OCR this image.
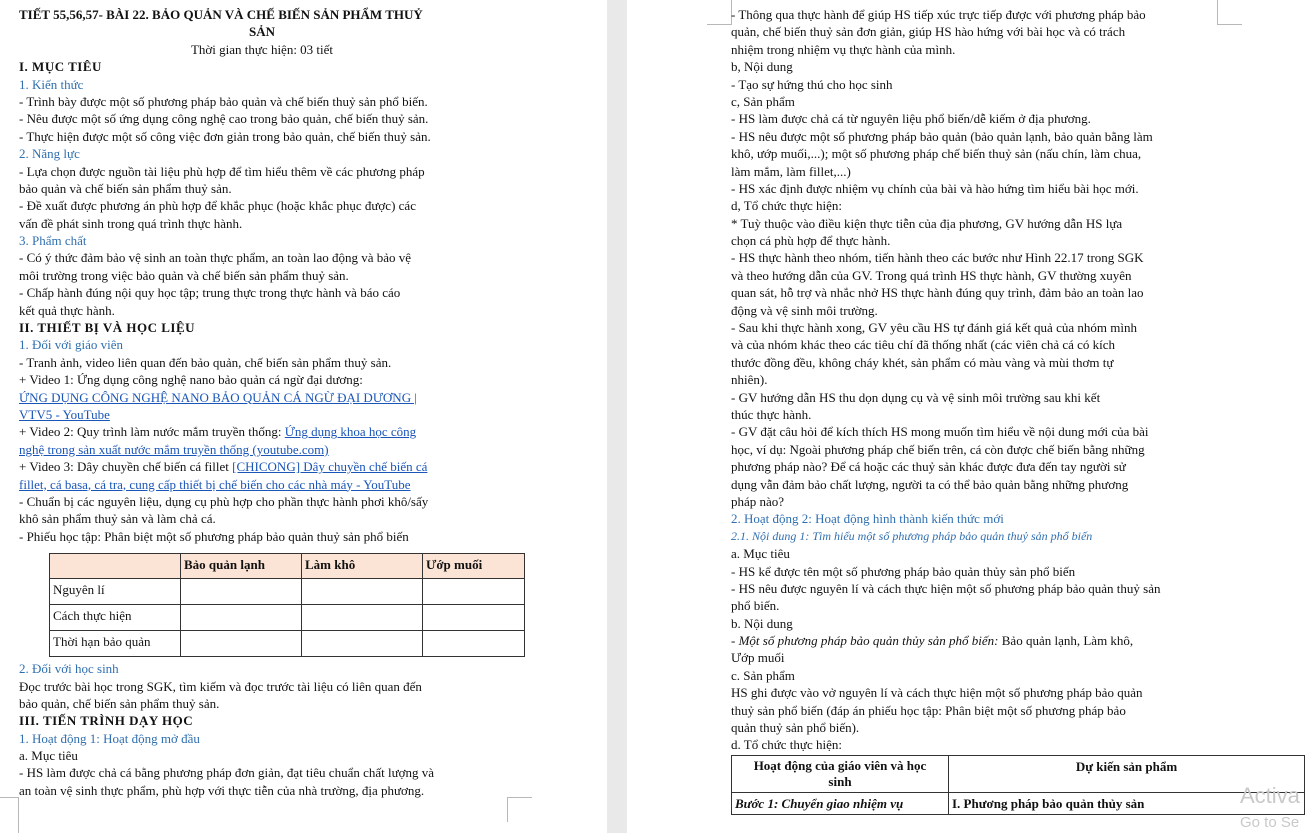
TIẾT 55,56,57- BÀI 22. BẢO QUẢN VÀ CHẾ BIẾN SẢN PHẨM THUỶ
SẢN
Thời gian thực hiện: 03 tiết
I. MỤC TIÊU
1. Kiến thức
- Trình bày được một số phương pháp bảo quản và chế biến thuỷ sản phổ biến.
- Nêu được một số ứng dụng công nghệ cao trong bảo quản, chế biến thuỷ sản.
- Thực hiện được một số công việc đơn giản trong bảo quản, chế biến thuỷ sản.
2. Năng lực
- Lựa chọn được nguồn tài liệu phù hợp để tìm hiểu thêm về các phương pháp
bảo quản và chế biến sản phẩm thuỷ sản.
- Đề xuất được phương án phù hợp để khắc phục (hoặc khắc phục được) các
vấn đề phát sinh trong quá trình thực hành.
3. Phẩm chất
- Có ý thức đảm bảo vệ sinh an toàn thực phẩm, an toàn lao động và bảo vệ
môi trường trong việc bảo quản và chế biến sản phẩm thuỷ sản.
- Chấp hành đúng nội quy học tập; trung thực trong thực hành và báo cáo
kết quả thực hành.
II. THIẾT BỊ VÀ HỌC LIỆU
1. Đối với giáo viên
- Tranh ảnh, video liên quan đến bảo quản, chế biến sản phẩm thuỷ sản.
+ Video 1: Ứng dụng công nghệ nano bảo quản cá ngừ đại dương:
ỨNG DỤNG CÔNG NGHỆ NANO BẢO QUẢN CÁ NGỪ ĐẠI DƯƠNG |
VTV5 - YouTube
+ Video 2: Quy trình làm nước mắm truyền thống: Ứng dụng khoa học công
nghệ trong sản xuất nước mắm truyền thống (youtube.com)
+ Video 3: Dây chuyền chế biến cá fillet [CHICONG] Dây chuyền chế biến cá
fillet, cá basa, cá tra, cung cấp thiết bị chế biến cho các nhà máy - YouTube
- Chuẩn bị các nguyên liệu, dụng cụ phù hợp cho phần thực hành phơi khô/sấy
khô sản phẩm thuỷ sản và làm chả cá.
- Phiếu học tập: Phân biệt một số phương pháp bảo quản thuỷ sản phổ biến
	Bảo quản lạnh	Làm khô	Ướp muối
Nguyên lí			
Cách thực hiện			
Thời hạn bảo quản			
2. Đối với học sinh
Đọc trước bài học trong SGK, tìm kiếm và đọc trước tài liệu có liên quan đến
bảo quản, chế biến sản phẩm thuỷ sản.
III. TIẾN TRÌNH DẠY HỌC
1. Hoạt động 1: Hoạt động mở đầu
a. Mục tiêu
- HS làm được chả cá bằng phương pháp đơn giản, đạt tiêu chuẩn chất lượng và
an toàn vệ sinh thực phẩm, phù hợp với thực tiễn của nhà trường, địa phương.
- Thông qua thực hành để giúp HS tiếp xúc trực tiếp được với phương pháp bảo
quản, chế biến thuỷ sản đơn giản, giúp HS hào hứng với bài học và có trách
nhiệm trong nhiệm vụ thực hành của mình.
b, Nội dung
- Tạo sự hứng thú cho học sinh
c, Sản phẩm
- HS làm được chả cá từ nguyên liệu phổ biến/dễ kiếm ở địa phương.
- HS nêu được một số phương pháp bảo quản (bảo quản lạnh, bảo quản bằng làm
khô, ướp muối,...); một số phương pháp chế biến thuỷ sản (nấu chín, làm chua,
làm mắm, làm fillet,...)
- HS xác định được nhiệm vụ chính của bài và hào hứng tìm hiểu bài học mới.
d, Tổ chức thực hiện:
* Tuỳ thuộc vào điều kiện thực tiễn của địa phương, GV hướng dẫn HS lựa
chọn cá phù hợp để thực hành.
- HS thực hành theo nhóm, tiến hành theo các bước như Hình 22.17 trong SGK
và theo hướng dẫn của GV. Trong quá trình HS thực hành, GV thường xuyên
quan sát, hỗ trợ và nhắc nhở HS thực hành đúng quy trình, đảm bảo an toàn lao
động và vệ sinh môi trường.
- Sau khi thực hành xong, GV yêu cầu HS tự đánh giá kết quả của nhóm mình
và của nhóm khác theo các tiêu chí đã thống nhất (các viên chả cá có kích
thước đồng đều, không cháy khét, sản phẩm có màu vàng và mùi thơm tự
nhiên).
- GV hướng dẫn HS thu dọn dụng cụ và vệ sinh môi trường sau khi kết
thúc thực hành.
- GV đặt câu hỏi để kích thích HS mong muốn tìm hiểu về nội dung mới của bài
học, ví dụ: Ngoài phương pháp chế biến trên, cá còn được chế biến bằng những
phương pháp nào? Để cá hoặc các thuỷ sản khác được đưa đến tay người sử
dụng vẫn đảm bảo chất lượng, người ta có thể bảo quản bằng những phương
pháp nào?
2. Hoạt động 2: Hoạt động hình thành kiến thức mới
2.1. Nội dung 1: Tìm hiểu một số phương pháp bảo quản thuỷ sản phổ biến
a. Mục tiêu
- HS kể được tên một số phương pháp bảo quản thủy sản phổ biến
- HS nêu được nguyên lí và cách thực hiện một số phương pháp bảo quản thuỷ sản
phổ biến.
b. Nội dung
- Một số phương pháp bảo quản thủy sản phổ biến: Bảo quản lạnh, Làm khô,
Ướp muối
c. Sản phẩm
HS ghi được vào vở nguyên lí và cách thực hiện một số phương pháp bảo quản
thuỷ sản phổ biến (đáp án phiếu học tập: Phân biệt một số phương pháp bảo
quản thuỷ sản phổ biến).
d. Tổ chức thực hiện:
Hoạt động của giáo viên và học
sinh	Dự kiến sản phẩm
Bước 1: Chuyển giao nhiệm vụ	I. Phương pháp bảo quản thủy sản	Activa
Go to Se
